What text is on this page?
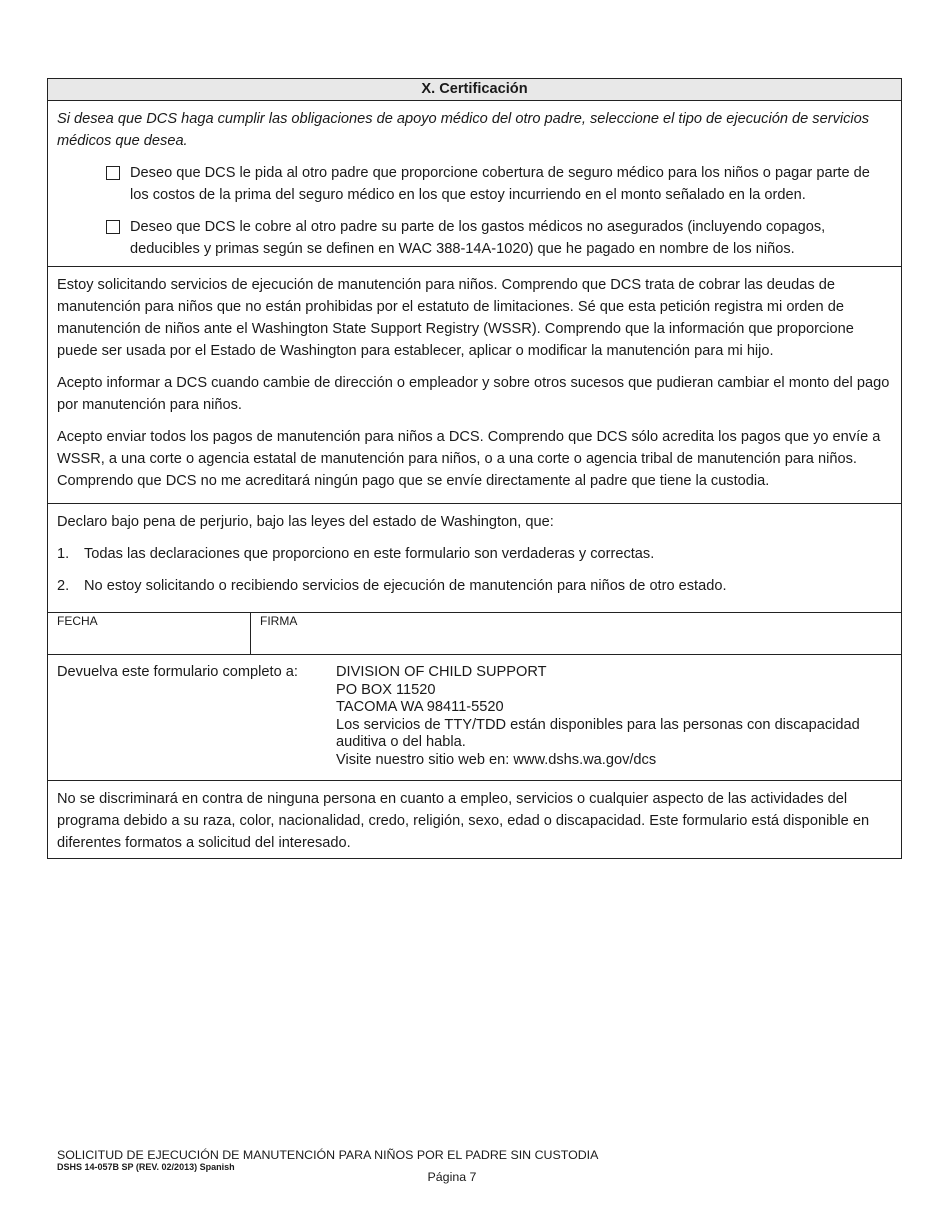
X. Certificación

Si desea que DCS haga cumplir las obligaciones de apoyo médico del otro padre, seleccione el tipo de ejecución de servicios médicos que desea.

Deseo que DCS le pida al otro padre que proporcione cobertura de seguro médico para los niños o pagar parte de los costos de la prima del seguro médico en los que estoy incurriendo en el monto señalado en la orden.
Deseo que DCS le cobre al otro padre su parte de los gastos médicos no asegurados (incluyendo copagos, deducibles y primas según se definen en WAC 388-14A-1020) que he pagado en nombre de los niños.

Estoy solicitando servicios de ejecución de manutención para niños. Comprendo que DCS trata de cobrar las deudas de manutención para niños que no están prohibidas por el estatuto de limitaciones. Sé que esta petición registra mi orden de manutención de niños ante el Washington State Support Registry (WSSR). Comprendo que la información que proporcione puede ser usada por el Estado de Washington para establecer, aplicar o modificar la manutención para mi hijo.

Acepto informar a DCS cuando cambie de dirección o empleador y sobre otros sucesos que pudieran cambiar el monto del pago por manutención para niños.

Acepto enviar todos los pagos de manutención para niños a DCS. Comprendo que DCS sólo acredita los pagos que yo envíe a WSSR, a una corte o agencia estatal de manutención para niños, o a una corte o agencia tribal de manutención para niños. Comprendo que DCS no me acreditará ningún pago que se envíe directamente al padre que tiene la custodia.

Declaro bajo pena de perjurio, bajo las leyes del estado de Washington, que:
1.	Todas las declaraciones que proporciono en este formulario son verdaderas y correctas.
2.	No estoy solicitando o recibiendo servicios de ejecución de manutención para niños de otro estado.
FECHA	FIRMA
Devuelva este formulario completo a:	DIVISION OF CHILD SUPPORT
PO BOX 11520
TACOMA WA 98411-5520
Los servicios de TTY/TDD están disponibles para las personas con discapacidad auditiva o del habla.
Visite nuestro sitio web en: www.dshs.wa.gov/dcs
No se discriminará en contra de ninguna persona en cuanto a empleo, servicios o cualquier aspecto de las actividades del programa debido a su raza, color, nacionalidad, credo, religión, sexo, edad o discapacidad. Este formulario está disponible en diferentes formatos a solicitud del interesado.
SOLICITUD DE EJECUCIÓN DE MANUTENCIÓN PARA NIÑOS POR EL PADRE SIN CUSTODIA
DSHS 14-057B SP (REV. 02/2013) Spanish
Página 7
